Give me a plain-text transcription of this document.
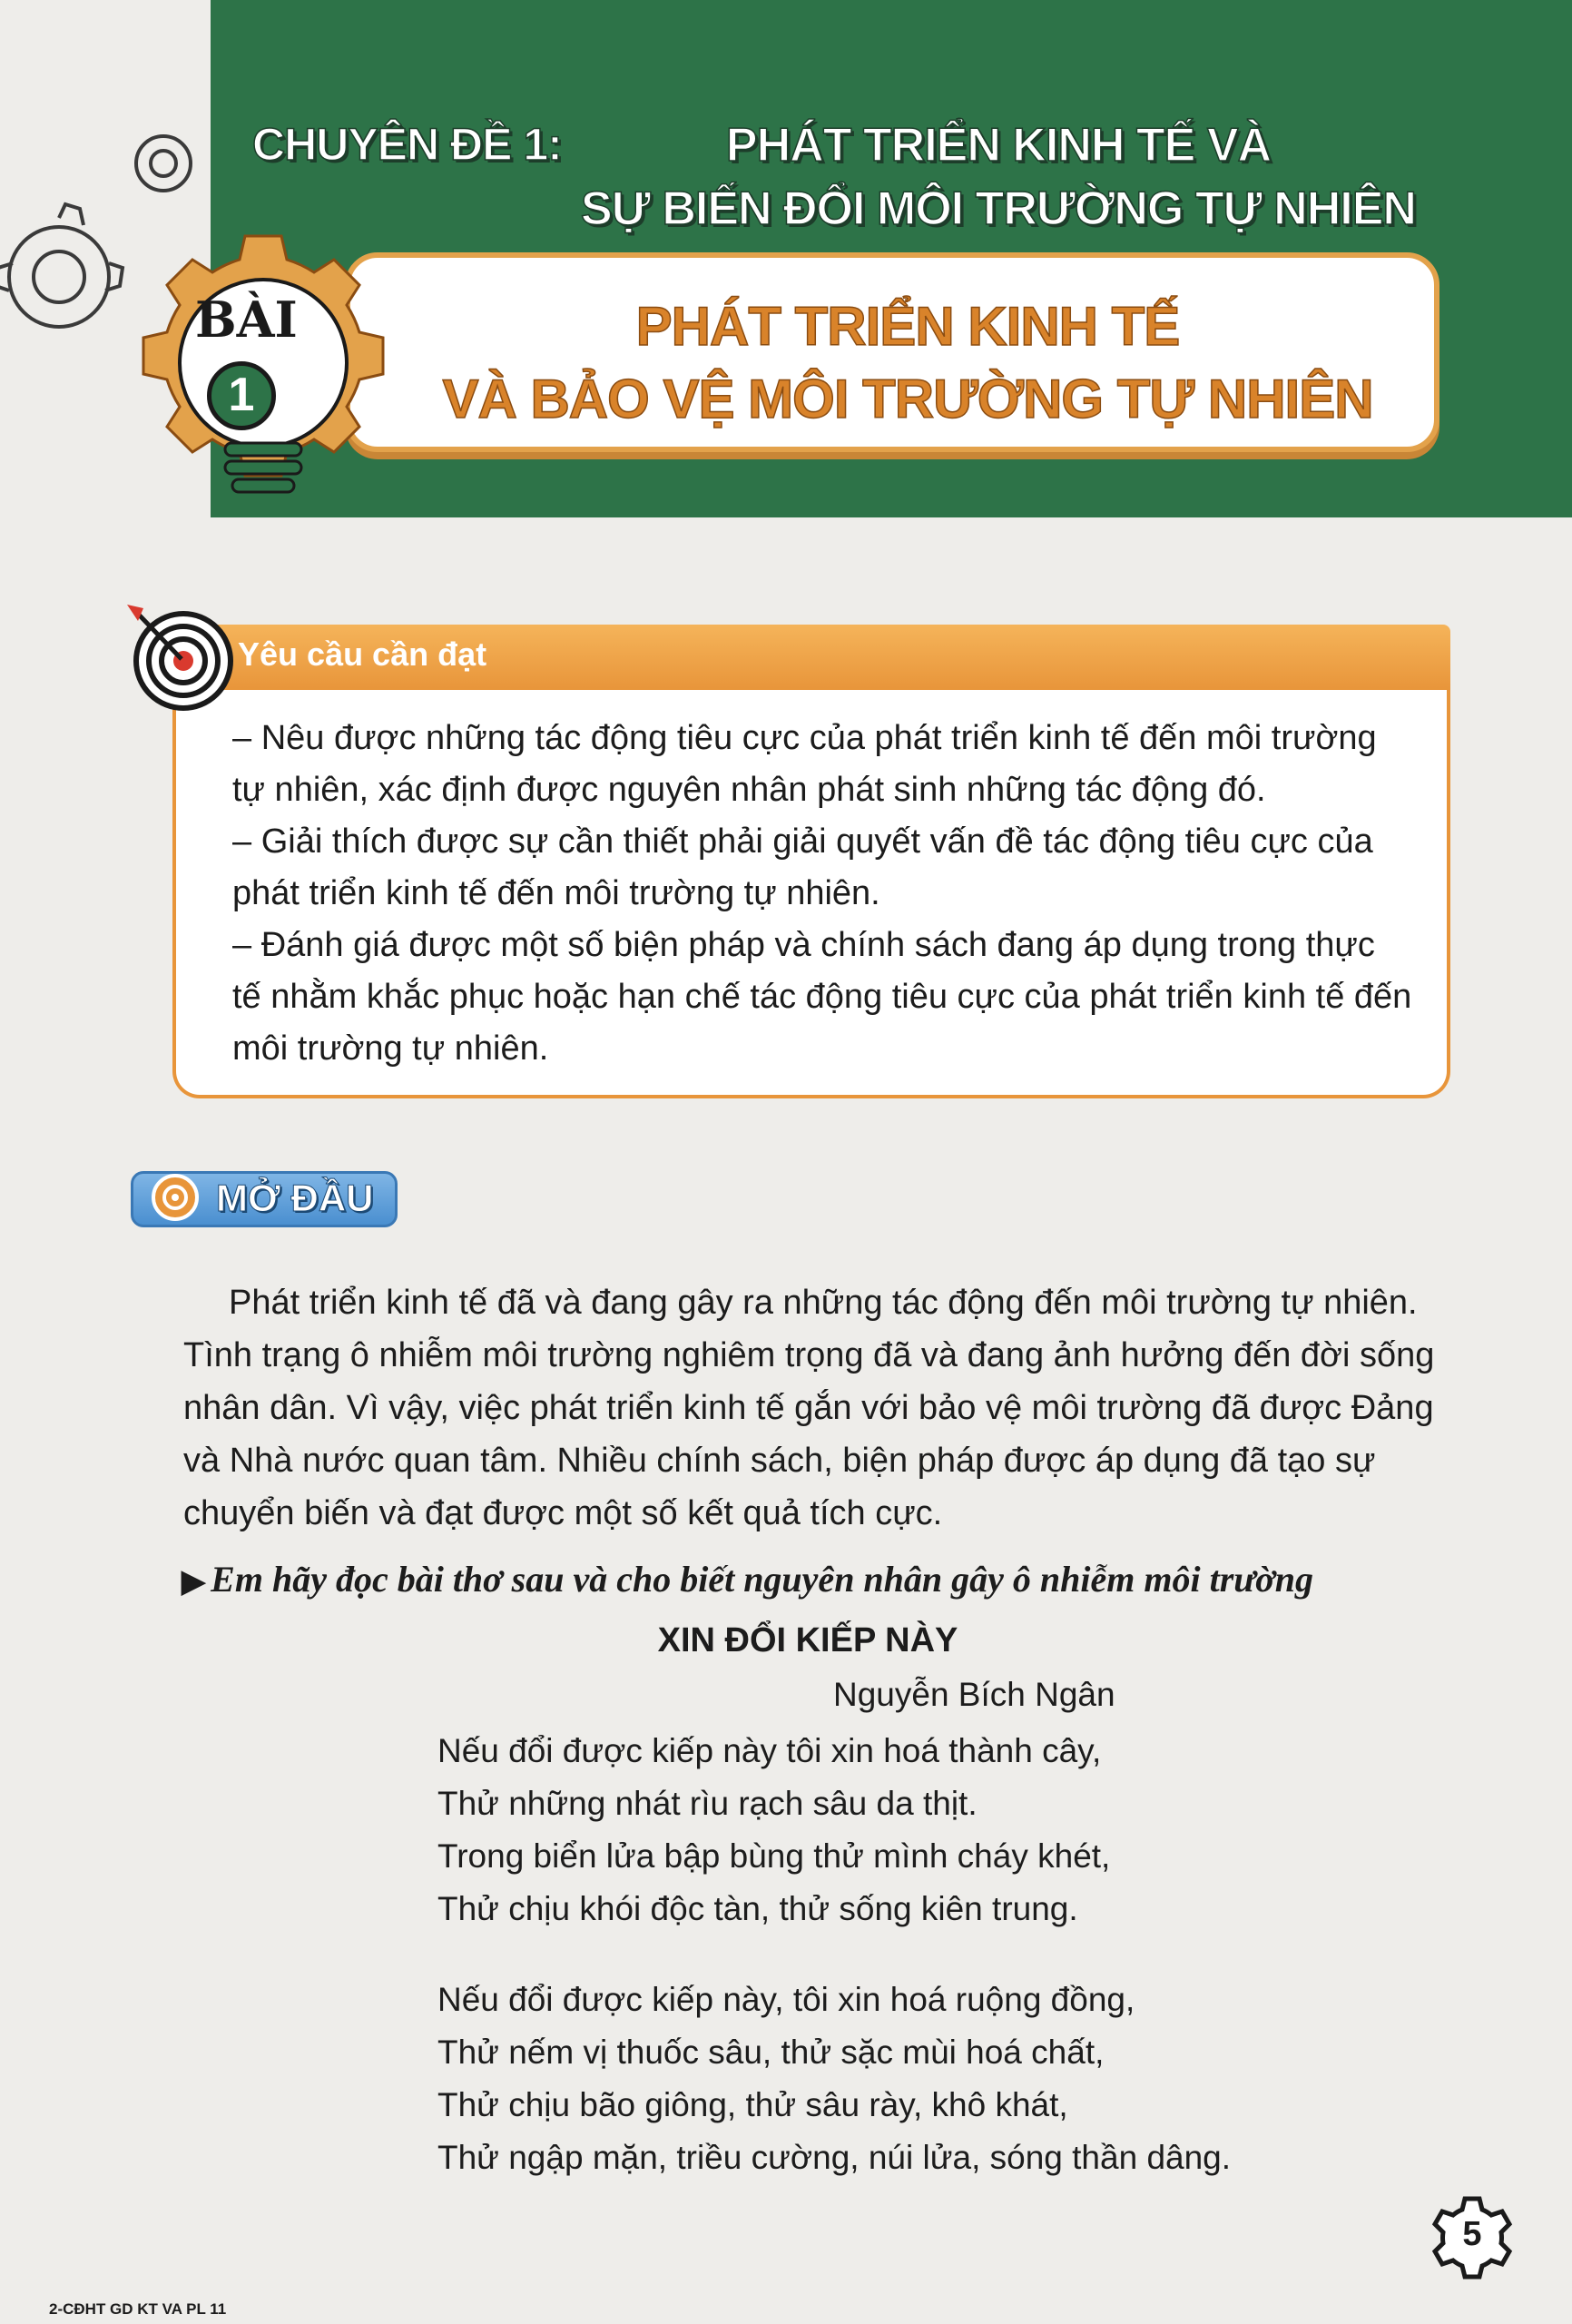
CHUYÊN ĐỀ 1:	PHÁT TRIỂN KINH TẾ VÀ
SỰ BIẾN ĐỔI MÔI TRƯỜNG TỰ NHIÊN
PHÁT TRIỂN KINH TẾ
VÀ BẢO VỆ MÔI TRƯỜNG TỰ NHIÊN
BÀI
1
Yêu cầu cần đạt

– Nêu được những tác động tiêu cực của phát triển kinh tế đến môi trường tự nhiên, xác định được nguyên nhân phát sinh những tác động đó.

– Giải thích được sự cần thiết phải giải quyết vấn đề tác động tiêu cực của phát triển kinh tế đến môi trường tự nhiên.

– Đánh giá được một số biện pháp và chính sách đang áp dụng trong thực tế nhằm khắc phục hoặc hạn chế tác động tiêu cực của phát triển kinh tế đến môi trường tự nhiên.

MỞ ĐẦU

Phát triển kinh tế đã và đang gây ra những tác động đến môi trường tự nhiên. Tình trạng ô nhiễm môi trường nghiêm trọng đã và đang ảnh hưởng đến đời sống nhân dân. Vì vậy, việc phát triển kinh tế gắn với bảo vệ môi trường đã được Đảng và Nhà nước quan tâm. Nhiều chính sách, biện pháp được áp dụng đã tạo sự chuyển biến và đạt được một số kết quả tích cực.

▶ Em hãy đọc bài thơ sau và cho biết nguyên nhân gây ô nhiễm môi trường
XIN ĐỔI KIẾP NÀY
Nguyễn Bích Ngân
Nếu đổi được kiếp này tôi xin hoá thành cây,
Thử những nhát rìu rạch sâu da thịt.
Trong biển lửa bập bùng thử mình cháy khét,
Thử chịu khói độc tàn, thử sống kiên trung.
Nếu đổi được kiếp này, tôi xin hoá ruộng đồng,
Thử nếm vị thuốc sâu, thử sặc mùi hoá chất,
Thử chịu bão giông, thử sâu rày, khô khát,
Thử ngập mặn, triều cường, núi lửa, sóng thần dâng.
5
2-CĐHT GD KT VA PL 11
